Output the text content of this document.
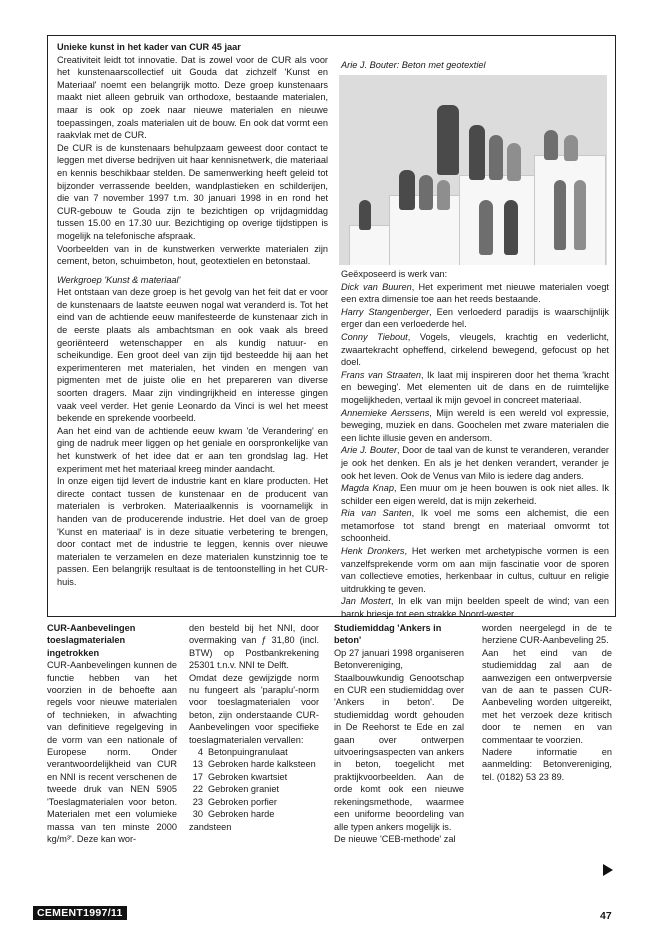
Unieke kunst in het kader van CUR 45 jaar

Creativiteit leidt tot innovatie. Dat is zowel voor de CUR als voor het kunstenaarscollectief uit Gouda dat zichzelf 'Kunst en Materiaal' noemt een belangrijk motto. Deze groep kunstenaars maakt niet alleen gebruik van orthodoxe, bestaande materialen, maar is ook op zoek naar nieuwe materialen en nieuwe toepassingen, zoals materialen uit de bouw. En ook dat vormt een raakvlak met de CUR.

De CUR is de kunstenaars behulpzaam geweest door contact te leggen met diverse bedrijven uit haar kennisnetwerk, die materiaal en kennis beschikbaar stelden. De samenwerking heeft geleid tot bijzonder verrassende beelden, wandplastieken en schilderijen, die van 7 november 1997 t.m. 30 januari 1998 in en rond het CUR-gebouw te Gouda zijn te bezichtigen op vrijdagmiddag tussen 15.00 en 17.30 uur. Bezichtiging op overige tijdstippen is mogelijk na telefonische afspraak.

Voorbeelden van in de kunstwerken verwerkte materialen zijn cement, beton, schuimbeton, hout, geotextielen en betonstaal.

Werkgroep 'Kunst & materiaal'

Het ontstaan van deze groep is het gevolg van het feit dat er voor de kunstenaars de laatste eeuwen nogal wat veranderd is. Tot het eind van de achtiende eeuw manifesteerde de kunstenaar zich in de eerste plaats als ambachtsman en ook vaak als breed georiënteerd wetenschapper en als kundig natuur- en scheikundige. Een groot deel van zijn tijd besteedde hij aan het experimenteren met materialen, het vinden en mengen van pigmenten met de juiste olie en het prepareren van diverse soorten dragers. Maar zijn vindingrijkheid en interesse gingen vaak veel verder. Het genie Leonardo da Vinci is wel het meest bekende en sprekende voorbeeld.

Aan het eind van de achtiende eeuw kwam 'de Verandering' en ging de nadruk meer liggen op het geniale en oorspronkelijke van het kunstwerk of het idee dat er aan ten grondslag lag. Het experiment met het materiaal kreeg minder aandacht.

In onze eigen tijd levert de industrie kant en klare producten. Het directe contact tussen de kunstenaar en de producent van materialen is verbroken. Materiaalkennis is voornamelijk in handen van de producerende industrie. Het doel van de groep 'Kunst en materiaal' is in deze situatie verbetering te brengen, door contact met de industrie te leggen, kennis over nieuwe materialen te verzamelen en deze materialen kunstzinnig toe te passen. Een belangrijk resultaat is de tentoonstelling in het CUR-huis.

Arie J. Bouter: Beton met geotextiel

Geëxposeerd is werk van:

Dick van Buuren, Het experiment met nieuwe materialen voegt een extra dimensie toe aan het reeds bestaande.

Harry Stangenberger, Een verloederd paradijs is waarschijnlijk erger dan een verloederde hel.

Conny Tiebout, Vogels, vleugels, krachtig en vederlicht, zwaartekracht opheffend, cirkelend bewegend, gefocust op het doel.

Frans van Straaten, Ik laat mij inspireren door het thema 'kracht en beweging'. Met elementen uit de dans en de ruimtelijke mogelijkheden, vertaal ik mijn gevoel in concreet materiaal.

Annemieke Aerssens, Mijn wereld is een wereld vol expressie, beweging, muziek en dans. Goochelen met zware materialen die een lichte illusie geven en andersom.

Arie J. Bouter, Door de taal van de kunst te veranderen, verander je ook het denken. En als je het denken verandert, verander je ook het leven. Ook de Venus van Milo is iedere dag anders.

Magda Knap, Een muur om je heen bouwen is ook niet alles. Ik schilder een eigen wereld, dat is mijn zekerheid.

Ria van Santen, Ik voel me soms een alchemist, die een metamorfose tot stand brengt en materiaal omvormt tot schoonheid.

Henk Dronkers, Het werken met archetypische vormen is een vanzelfsprekende vorm om aan mijn fascinatie voor de sporen van collectieve emoties, herkenbaar in cultus, cultuur en religie uitdrukking te geven.

Jan Mostert, In elk van mijn beelden speelt de wind; van een barok briesje tot een strakke Noord-wester.

CUR-Aanbevelingen toeslagmaterialen ingetrokken

CUR-Aanbevelingen kunnen de functie hebben van het voorzien in de behoefte aan regels voor nieuwe materialen of technieken, in afwachting van definitieve regelgeving in de vorm van een nationale of Europese norm. Onder verantwoordelijkheid van CUR en NNI is recent verschenen de tweede druk van NEN 5905 'Toeslagmaterialen voor beton. Materialen met een volumieke massa van ten minste 2000 kg/m³'. Deze kan wor-

den besteld bij het NNI, door overmaking van ƒ 31,80 (incl. BTW) op Postbankrekening 25301 t.n.v. NNI te Delft.

Omdat deze gewijzigde norm nu fungeert als 'paraplu'-norm voor toeslagmaterialen voor beton, zijn onderstaande CUR-Aanbevelingen voor specifieke toeslagmaterialen vervallen:

4 Betonpuingranulaat

13 Gebroken harde kalksteen

17 Gebroken kwartsiet

22 Gebroken graniet

23 Gebroken porfier

30 Gebroken harde zandsteen

Studiemiddag 'Ankers in beton'

Op 27 januari 1998 organiseren Betonvereniging, Staalbouwkundig Genootschap en CUR een studiemiddag over 'Ankers in beton'. De studiemiddag wordt gehouden in De Reehorst te Ede en zal gaan over ontwerpen uitvoeringsaspecten van ankers in beton, toegelicht met praktijkvoorbeelden. Aan de orde komt ook een nieuwe rekeningsmethode, waarmee een uniforme beoordeling van alle typen ankers mogelijk is.

De nieuwe 'CEB-methode' zal

worden neergelegd in de te herziene CUR-Aanbeveling 25.

Aan het eind van de studiemiddag zal aan de aanwezigen een ontwerpversie van de aan te passen CUR-Aanbeveling worden uitgereikt, met het verzoek deze kritisch door te nemen en van commentaar te voorzien.

Nadere informatie en aanmelding: Betonvereniging, tel. (0182) 53 23 89.

CEMENT1997/11	47
